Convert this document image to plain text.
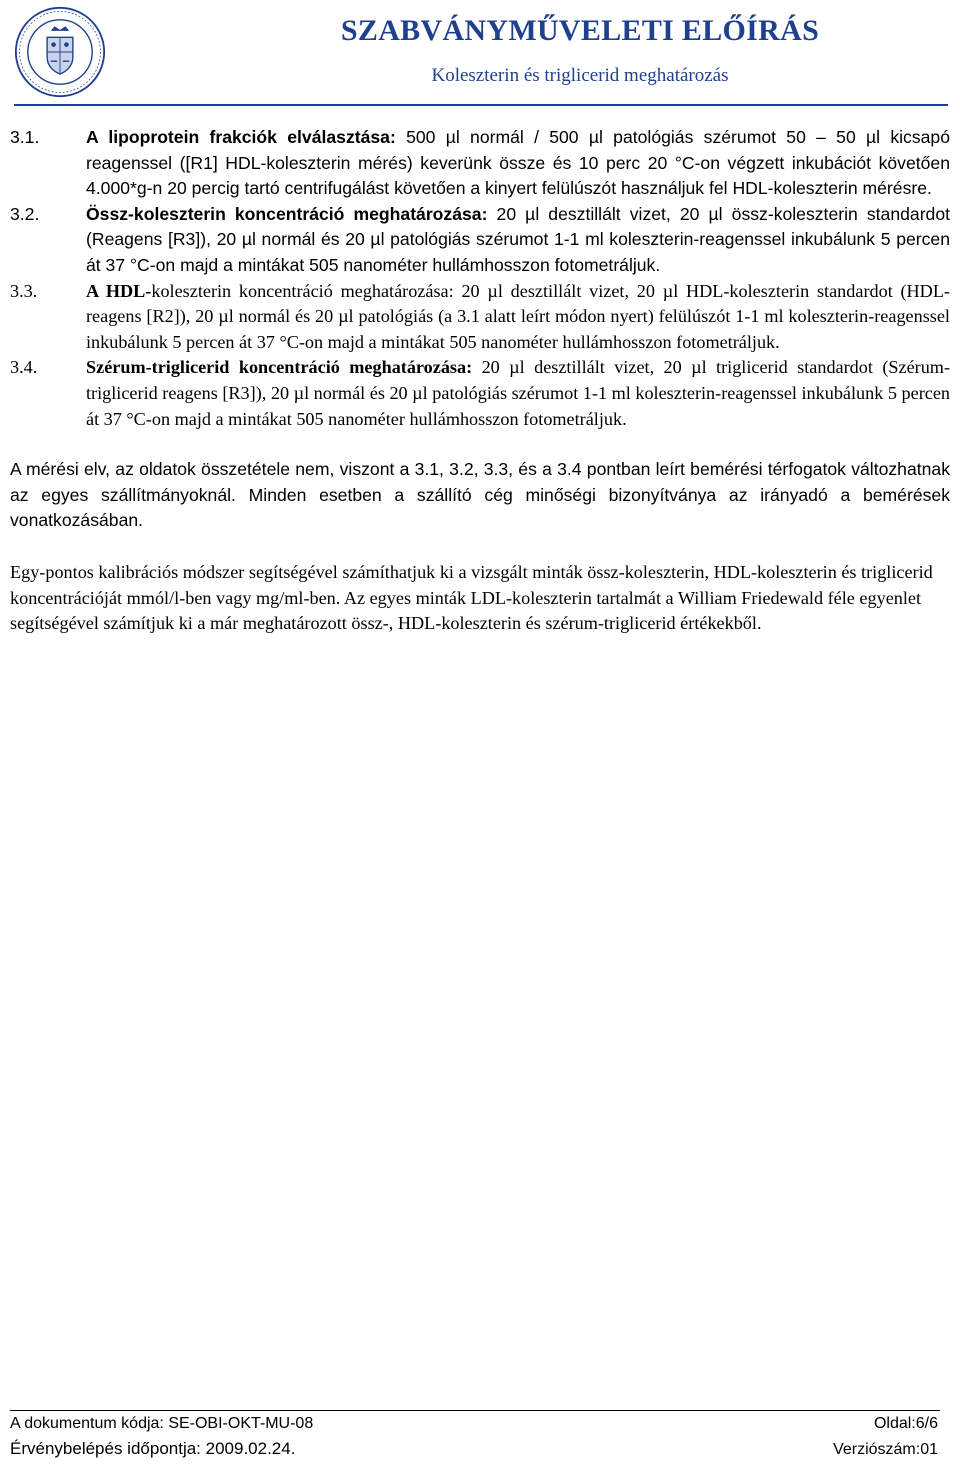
SZABVÁNYMŰVELETI ELŐÍRÁS
Koleszterin és triglicerid meghatározás
3.1.	A lipoprotein frakciók elválasztása: 500 µl normál / 500 µl patológiás szérumot 50 – 50 µl kicsapó reagenssel ([R1] HDL-koleszterin mérés) keverünk össze és 10 perc 20 °C-on végzett inkubációt követően 4.000*g-n 20 percig tartó centrifugálást követően a kinyert felülúszót használjuk fel HDL-koleszterin mérésre.
3.2.	Össz-koleszterin koncentráció meghatározása: 20 µl desztillált vizet, 20 µl össz-koleszterin standardot (Reagens [R3]), 20 µl normál és 20 µl patológiás szérumot 1-1 ml koleszterin-reagenssel inkubálunk 5 percen át 37 °C-on majd a mintákat 505 nanométer hullámhosszon fotometráljuk.
3.3.	A HDL-koleszterin koncentráció meghatározása: 20 µl desztillált vizet, 20 µl HDL-koleszterin standardot (HDL-reagens [R2]), 20 µl normál és 20 µl patológiás (a 3.1 alatt leírt módon nyert) felülúszót 1-1 ml koleszterin-reagenssel inkubálunk 5 percen át 37 °C-on majd a mintákat 505 nanométer hullámhosszon fotometráljuk.
3.4.	Szérum-triglicerid koncentráció meghatározása: 20 µl desztillált vizet, 20 µl triglicerid standardot (Szérum-triglicerid reagens [R3]), 20 µl normál és 20 µl patológiás szérumot 1-1 ml koleszterin-reagenssel inkubálunk 5 percen át 37 °C-on majd a mintákat 505 nanométer hullámhosszon fotometráljuk.

A mérési elv, az oldatok összetétele nem, viszont a 3.1, 3.2, 3.3, és a 3.4 pontban leírt bemérési térfogatok változhatnak az egyes szállítmányoknál. Minden esetben a szállító cég minőségi bizonyítványa az irányadó a bemérések vonatkozásában.

Egy-pontos kalibrációs módszer segítségével számíthatjuk ki a vizsgált minták össz-koleszterin, HDL-koleszterin és triglicerid koncentrációját mmól/l-ben vagy mg/ml-ben. Az egyes minták LDL-koleszterin tartalmát a William Friedewald féle egyenlet segítségével számítjuk ki a már meghatározott össz-, HDL-koleszterin és szérum-triglicerid értékekből.

A dokumentum kódja: SE-OBI-OKT-MU-08
Érvénybelépés időpontja: 2009.02.24.
Oldal:6/6
Verziószám:01
